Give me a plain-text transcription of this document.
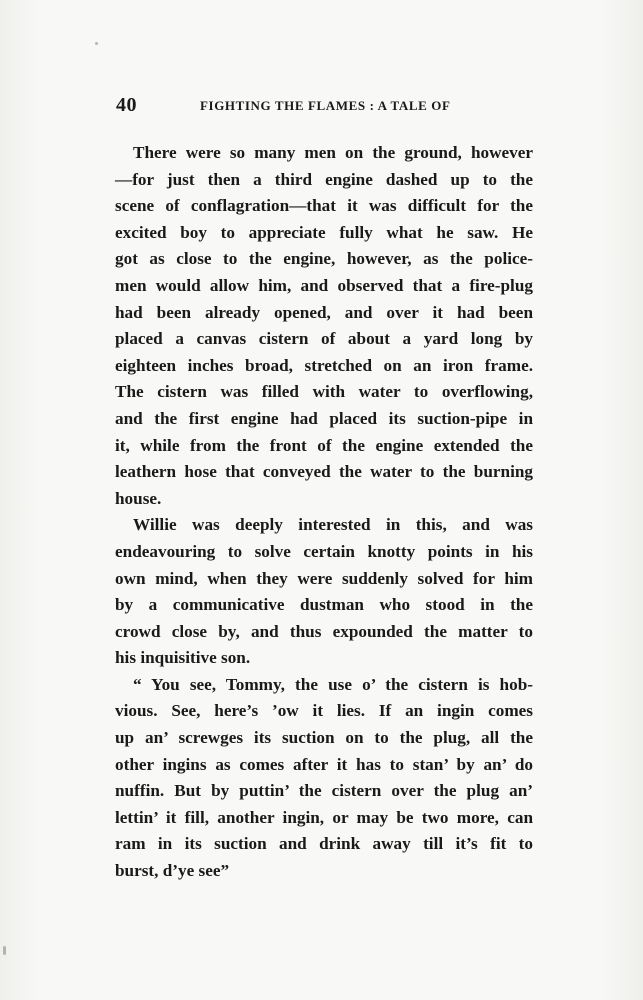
40	FIGHTING THE FLAMES : A TALE OF
There were so many men on the ground, however
—for just then a third engine dashed up to the
scene of conflagration—that it was difficult for the
excited boy to appreciate fully what he saw. He
got as close to the engine, however, as the police-
men would allow him, and observed that a fire-plug
had been already opened, and over it had been
placed a canvas cistern of about a yard long by
eighteen inches broad, stretched on an iron frame.
The cistern was filled with water to overflowing,
and the first engine had placed its suction-pipe in
it, while from the front of the engine extended the
leathern hose that conveyed the water to the burning
house.
Willie was deeply interested in this, and was
endeavouring to solve certain knotty points in his
own mind, when they were suddenly solved for him
by a communicative dustman who stood in the
crowd close by, and thus expounded the matter to
his inquisitive son.
“ You see, Tommy, the use o’ the cistern is hob-
vious. See, here’s ’ow it lies. If an ingin comes
up an’ screwges its suction on to the plug, all the
other ingins as comes after it has to stan’ by an’ do
nuffin. But by puttin’ the cistern over the plug an’
lettin’ it fill, another ingin, or may be two more, can
ram in its suction and drink away till it’s fit to
burst, d’ye see”
